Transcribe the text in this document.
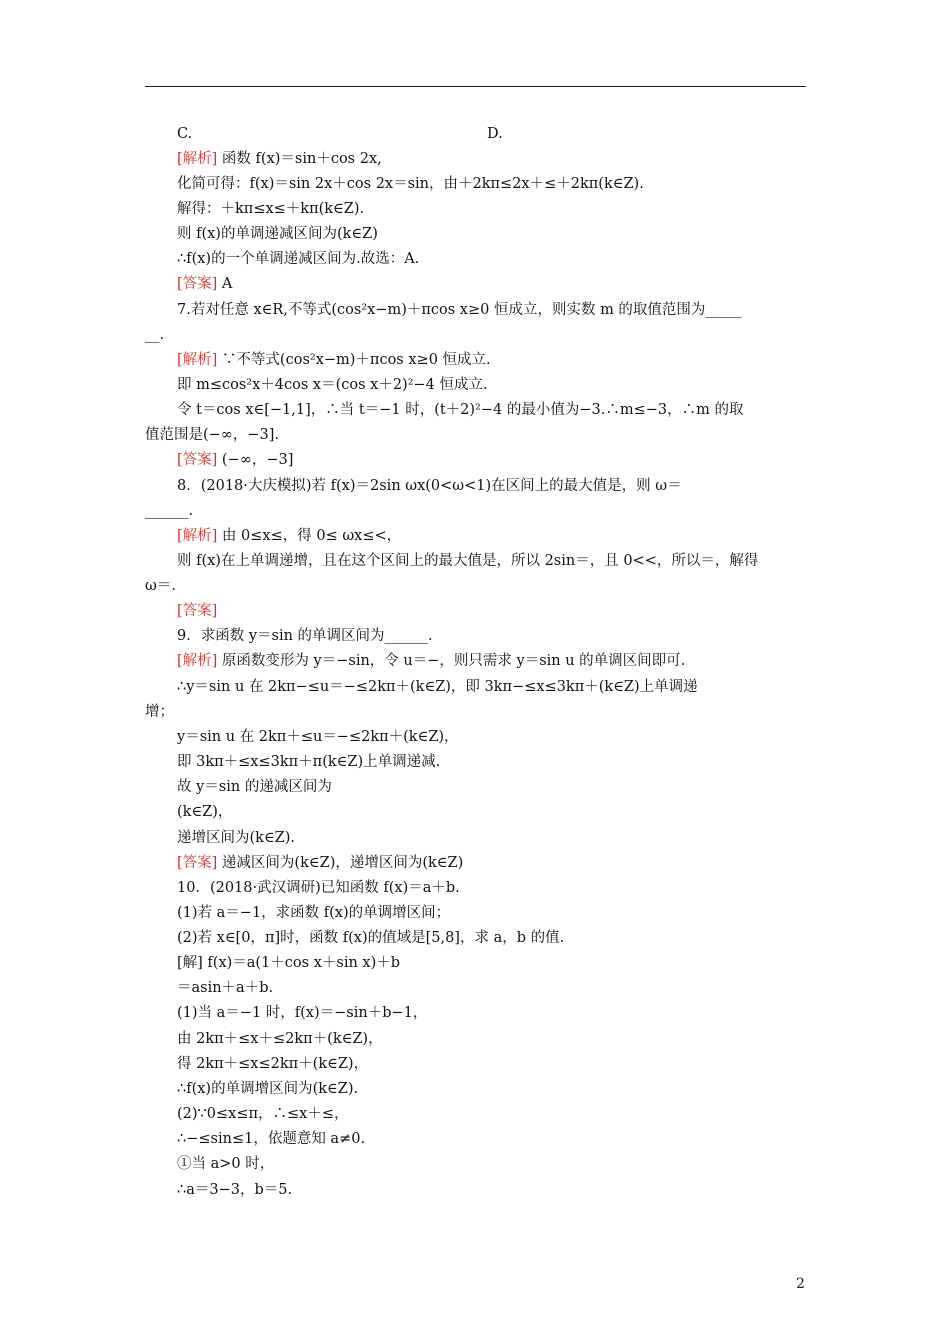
C.	D.
[解析] 函数 f(x)＝sin＋cos 2x,
化简可得：f(x)＝sin 2x＋cos 2x＝sin，由＋2kπ≤2x＋≤＋2kπ(k∈Z).
解得：＋kπ≤x≤＋kπ(k∈Z).
则 f(x)的单调递减区间为(k∈Z)
∴f(x)的一个单调递减区间为.故选：A.
[答案] A
7.若对任意 x∈R,不等式(cos²x−m)＋πcos x≥0 恒成立，则实数 m 的取值范围为_____
__.
[解析] ∵不等式(cos²x−m)＋πcos x≥0 恒成立.
即 m≤cos²x＋4cos x＝(cos x＋2)²−4 恒成立.
令 t＝cos x∈[−1,1]，∴当 t＝−1 时，(t＋2)²−4 的最小值为−3.∴m≤−3，∴m 的取
值范围是(−∞，−3].
[答案] (−∞，−3]
8．(2018·大庆模拟)若 f(x)＝2sin ωx(0<ω<1)在区间上的最大值是，则 ω＝
______.
[解析] 由 0≤x≤，得 0≤ ωx≤<，
则 f(x)在上单调递增，且在这个区间上的最大值是，所以 2sin＝，且 0<<，所以＝，解得
ω＝.
[答案]
9．求函数 y＝sin 的单调区间为______.
[解析] 原函数变形为 y＝−sin，令 u＝−，则只需求 y＝sin u 的单调区间即可.
∴y＝sin u 在 2kπ−≤u＝−≤2kπ＋(k∈Z)，即 3kπ−≤x≤3kπ＋(k∈Z)上单调递
增；
y＝sin u 在 2kπ＋≤u＝−≤2kπ＋(k∈Z)，
即 3kπ＋≤x≤3kπ＋π(k∈Z)上单调递减.
故 y＝sin 的递减区间为
(k∈Z)，
递增区间为(k∈Z).
[答案] 递减区间为(k∈Z)，递增区间为(k∈Z)
10．(2018·武汉调研)已知函数 f(x)＝a＋b.
(1)若 a＝−1，求函数 f(x)的单调增区间；
(2)若 x∈[0，π]时，函数 f(x)的值域是[5,8]，求 a，b 的值.
[解] f(x)＝a(1＋cos x＋sin x)＋b
＝asin＋a＋b.
(1)当 a＝−1 时，f(x)＝−sin＋b−1，
由 2kπ＋≤x＋≤2kπ＋(k∈Z)，
得 2kπ＋≤x≤2kπ＋(k∈Z)，
∴f(x)的单调增区间为(k∈Z).
(2)∵0≤x≤π，∴≤x＋≤，
∴−≤sin≤1，依题意知 a≠0.
①当 a>0 时，
∴a＝3−3，b＝5.
2
